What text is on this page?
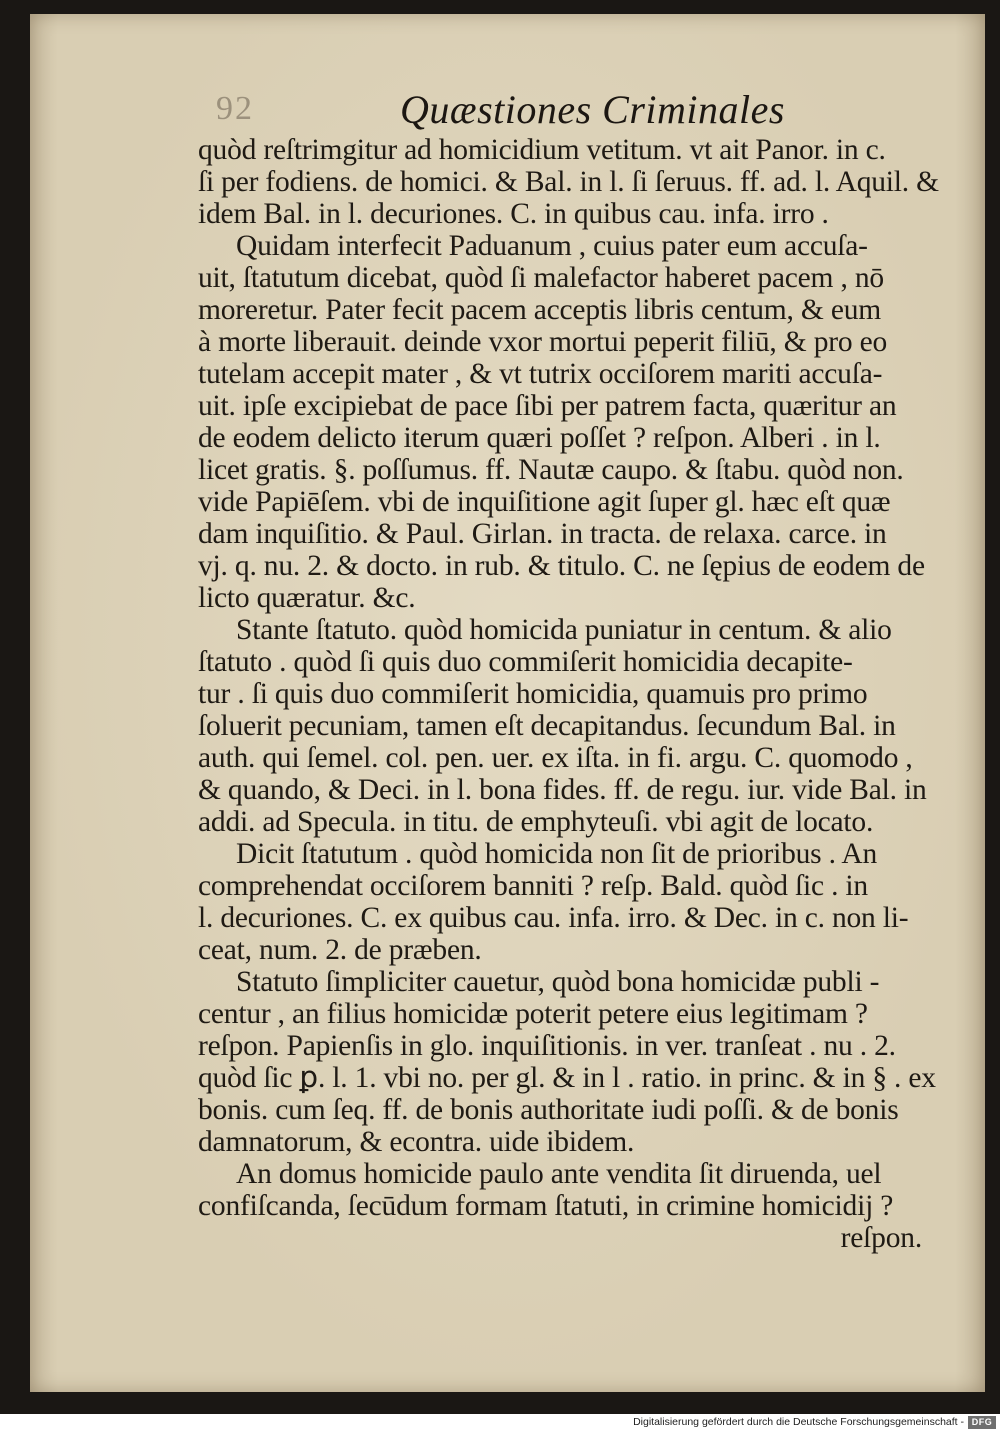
92	Quæstiones Criminales
quòd reſtrimgitur ad homicidium vetitum. vt ait Panor. in c.
ſi per fodiens. de homici. & Bal. in l. ſi ſeruus. ff. ad. l. Aquil. &
idem Bal. in l. decuriones. C. in quibus cau. infa. irro .
Quidam interfecit Paduanum , cuius pater eum accuſa-
uit, ſtatutum dicebat, quòd ſi malefactor haberet pacem , nō
moreretur. Pater fecit pacem acceptis libris centum, & eum
à morte liberauit. deinde vxor mortui peperit filiū, & pro eo
tutelam accepit mater , & vt tutrix occiſorem mariti accuſa-
uit. ipſe excipiebat de pace ſibi per patrem facta, quæritur an
de eodem delicto iterum quæri poſſet ? reſpon. Alberi . in l.
licet gratis. §. poſſumus. ff. Nautæ caupo. & ſtabu. quòd non.
vide Papiēſem. vbi de inquiſitione agit ſuper gl. hæc eſt quæ
dam inquiſitio. & Paul. Girlan. in tracta. de relaxa. carce. in
vj. q. nu. 2. & docto. in rub. & titulo. C. ne ſępius de eodem de
licto quæratur. &c.
Stante ſtatuto. quòd homicida puniatur in centum. & alio
ſtatuto . quòd ſi quis duo commiſerit homicidia decapite-
tur . ſi quis duo commiſerit homicidia, quamuis pro primo
ſoluerit pecuniam, tamen eſt decapitandus. ſecundum Bal. in
auth. qui ſemel. col. pen. uer. ex iſta. in fi. argu. C. quomodo ,
& quando, & Deci. in l. bona fides. ff. de regu. iur. vide Bal. in
addi. ad Specula. in titu. de emphyteuſi. vbi agit de locato.
Dicit ſtatutum . quòd homicida non ſit de prioribus . An
comprehendat occiſorem banniti ? reſp. Bald. quòd ſic . in
l. decuriones. C. ex quibus cau. infa. irro. & Dec. in c. non li-
ceat, num. 2. de præben.
Statuto ſimpliciter cauetur, quòd bona homicidæ publi -
centur , an filius homicidæ poterit petere eius legitimam ?
reſpon. Papienſis in glo. inquiſitionis. in ver. tranſeat . nu . 2.
quòd ſic ꝑ. l. 1. vbi no. per gl. & in l . ratio. in princ. & in § . ex
bonis. cum ſeq. ff. de bonis authoritate iudi poſſi. & de bonis
damnatorum, & econtra. uide ibidem.
An domus homicide paulo ante vendita ſit diruenda, uel
confiſcanda, ſecūdum formam ſtatuti, in crimine homicidij ?
reſpon.
Digitalisierung gefördert durch die Deutsche Forschungsgemeinschaft - DFG
